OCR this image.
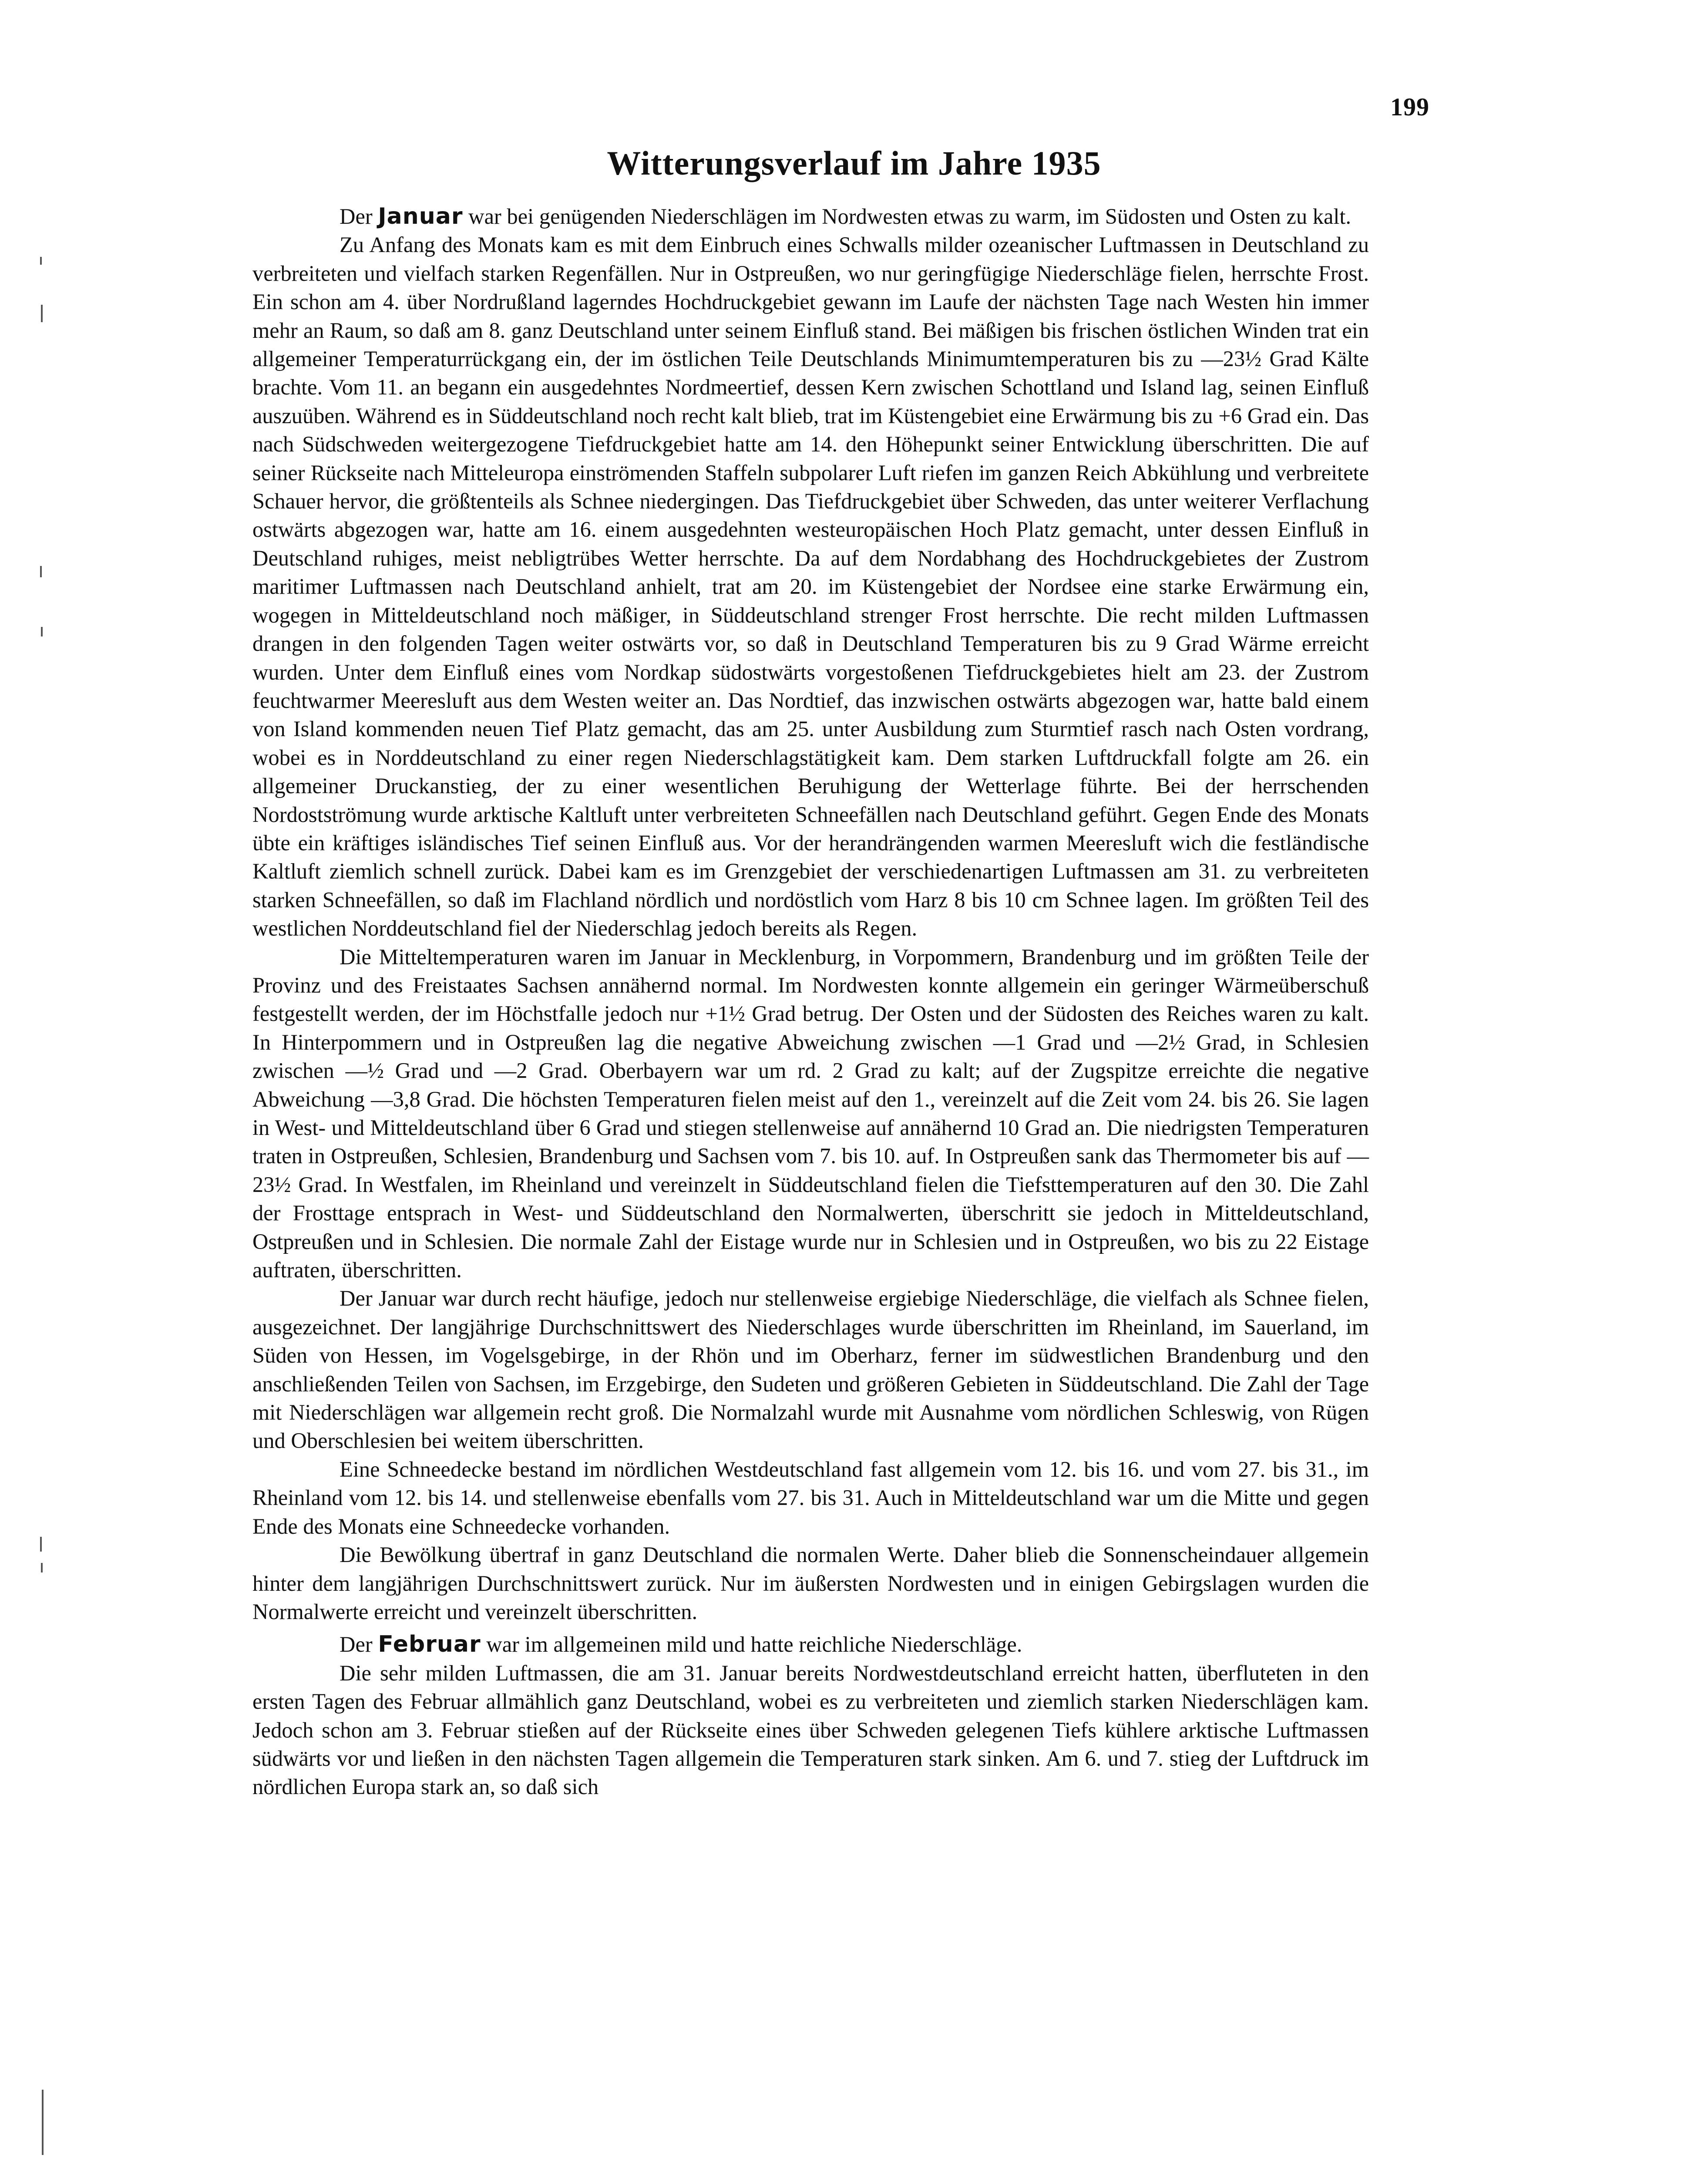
199
Witterungsverlauf im Jahre 1935

Der Januar war bei genügenden Niederschlägen im Nordwesten etwas zu warm, im Südosten und Osten zu kalt.

Zu Anfang des Monats kam es mit dem Einbruch eines Schwalls milder ozeanischer Luftmassen in Deutschland zu verbreiteten und vielfach starken Regenfällen. Nur in Ostpreußen, wo nur geringfügige Niederschläge fielen, herrschte Frost. Ein schon am 4. über Nordrußland lagerndes Hochdruckgebiet gewann im Laufe der nächsten Tage nach Westen hin immer mehr an Raum, so daß am 8. ganz Deutschland unter seinem Einfluß stand. Bei mäßigen bis frischen östlichen Winden trat ein allgemeiner Temperaturrückgang ein, der im östlichen Teile Deutschlands Minimumtemperaturen bis zu —23½ Grad Kälte brachte. Vom 11. an begann ein ausgedehntes Nordmeertief, dessen Kern zwischen Schottland und Island lag, seinen Einfluß auszuüben. Während es in Süddeutschland noch recht kalt blieb, trat im Küstengebiet eine Erwärmung bis zu +6 Grad ein. Das nach Südschweden weitergezogene Tiefdruckgebiet hatte am 14. den Höhepunkt seiner Entwicklung überschritten. Die auf seiner Rückseite nach Mitteleuropa einströmenden Staffeln subpolarer Luft riefen im ganzen Reich Abkühlung und verbreitete Schauer hervor, die größtenteils als Schnee niedergingen. Das Tiefdruckgebiet über Schweden, das unter weiterer Verflachung ostwärts abgezogen war, hatte am 16. einem ausgedehnten westeuropäischen Hoch Platz gemacht, unter dessen Einfluß in Deutschland ruhiges, meist nebligtrübes Wetter herrschte. Da auf dem Nordabhang des Hochdruckgebietes der Zustrom maritimer Luftmassen nach Deutschland anhielt, trat am 20. im Küstengebiet der Nordsee eine starke Erwärmung ein, wogegen in Mitteldeutschland noch mäßiger, in Süddeutschland strenger Frost herrschte. Die recht milden Luftmassen drangen in den folgenden Tagen weiter ostwärts vor, so daß in Deutschland Temperaturen bis zu 9 Grad Wärme erreicht wurden. Unter dem Einfluß eines vom Nordkap südostwärts vorgestoßenen Tiefdruckgebietes hielt am 23. der Zustrom feuchtwarmer Meeresluft aus dem Westen weiter an. Das Nordtief, das inzwischen ostwärts abgezogen war, hatte bald einem von Island kommenden neuen Tief Platz gemacht, das am 25. unter Ausbildung zum Sturmtief rasch nach Osten vordrang, wobei es in Norddeutschland zu einer regen Niederschlagstätigkeit kam. Dem starken Luftdruckfall folgte am 26. ein allgemeiner Druckanstieg, der zu einer wesentlichen Beruhigung der Wetterlage führte. Bei der herrschenden Nordostströmung wurde arktische Kaltluft unter verbreiteten Schneefällen nach Deutschland geführt. Gegen Ende des Monats übte ein kräftiges isländisches Tief seinen Einfluß aus. Vor der herandrängenden warmen Meeresluft wich die festländische Kaltluft ziemlich schnell zurück. Dabei kam es im Grenzgebiet der verschiedenartigen Luftmassen am 31. zu verbreiteten starken Schneefällen, so daß im Flachland nördlich und nordöstlich vom Harz 8 bis 10 cm Schnee lagen. Im größten Teil des westlichen Norddeutschland fiel der Niederschlag jedoch bereits als Regen.

Die Mitteltemperaturen waren im Januar in Mecklenburg, in Vorpommern, Brandenburg und im größten Teile der Provinz und des Freistaates Sachsen annähernd normal. Im Nordwesten konnte allgemein ein geringer Wärmeüberschuß festgestellt werden, der im Höchstfalle jedoch nur +1½ Grad betrug. Der Osten und der Südosten des Reiches waren zu kalt. In Hinterpommern und in Ostpreußen lag die negative Abweichung zwischen —1 Grad und —2½ Grad, in Schlesien zwischen —½ Grad und —2 Grad. Oberbayern war um rd. 2 Grad zu kalt; auf der Zugspitze erreichte die negative Abweichung —3,8 Grad. Die höchsten Temperaturen fielen meist auf den 1., vereinzelt auf die Zeit vom 24. bis 26. Sie lagen in West- und Mitteldeutschland über 6 Grad und stiegen stellenweise auf annähernd 10 Grad an. Die niedrigsten Temperaturen traten in Ostpreußen, Schlesien, Brandenburg und Sachsen vom 7. bis 10. auf. In Ostpreußen sank das Thermometer bis auf —23½ Grad. In Westfalen, im Rheinland und vereinzelt in Süddeutschland fielen die Tiefsttemperaturen auf den 30. Die Zahl der Frosttage entsprach in West- und Süddeutschland den Normalwerten, überschritt sie jedoch in Mitteldeutschland, Ostpreußen und in Schlesien. Die normale Zahl der Eistage wurde nur in Schlesien und in Ostpreußen, wo bis zu 22 Eistage auftraten, überschritten.

Der Januar war durch recht häufige, jedoch nur stellenweise ergiebige Niederschläge, die vielfach als Schnee fielen, ausgezeichnet. Der langjährige Durchschnittswert des Niederschlages wurde überschritten im Rheinland, im Sauerland, im Süden von Hessen, im Vogelsgebirge, in der Rhön und im Oberharz, ferner im südwestlichen Brandenburg und den anschließenden Teilen von Sachsen, im Erzgebirge, den Sudeten und größeren Gebieten in Süddeutschland. Die Zahl der Tage mit Niederschlägen war allgemein recht groß. Die Normalzahl wurde mit Ausnahme vom nördlichen Schleswig, von Rügen und Oberschlesien bei weitem überschritten.

Eine Schneedecke bestand im nördlichen Westdeutschland fast allgemein vom 12. bis 16. und vom 27. bis 31., im Rheinland vom 12. bis 14. und stellenweise ebenfalls vom 27. bis 31. Auch in Mitteldeutschland war um die Mitte und gegen Ende des Monats eine Schneedecke vorhanden.

Die Bewölkung übertraf in ganz Deutschland die normalen Werte. Daher blieb die Sonnenscheindauer allgemein hinter dem langjährigen Durchschnittswert zurück. Nur im äußersten Nordwesten und in einigen Gebirgslagen wurden die Normalwerte erreicht und vereinzelt überschritten.

Der Februar war im allgemeinen mild und hatte reichliche Niederschläge.

Die sehr milden Luftmassen, die am 31. Januar bereits Nordwestdeutschland erreicht hatten, überfluteten in den ersten Tagen des Februar allmählich ganz Deutschland, wobei es zu verbreiteten und ziemlich starken Niederschlägen kam. Jedoch schon am 3. Februar stießen auf der Rückseite eines über Schweden gelegenen Tiefs kühlere arktische Luftmassen südwärts vor und ließen in den nächsten Tagen allgemein die Temperaturen stark sinken. Am 6. und 7. stieg der Luftdruck im nördlichen Europa stark an, so daß sich
